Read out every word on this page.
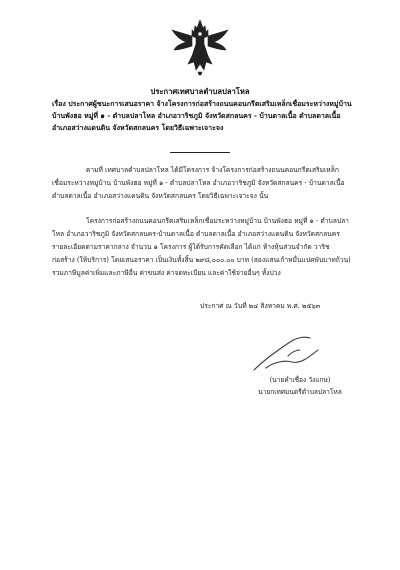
ประกาศเทศบาลตำบลปลาโหล
เรื่อง ประกาศผู้ชนะการเสนอราคา จ้างโครงการก่อสร้างถนนคอนกรีตเสริมเหล็กเชื่อมระหว่างหมู่บ้าน บ้านพังฮอ หมู่ที่ ๑ - ตำบลปลาโหล อำเภอวาริชภูมิ จังหวัดสกลนคร - บ้านดาลเนื้อ ตำบลดาลเนื้อ อำเภอสว่างแดนดิน จังหวัดสกลนคร โดยวิธีเฉพาะเจาะจง
ตามที่ เทศบาลตำบลปลาโหล ได้มีโครงการ จ้างโครงการก่อสร้างถนนคอนกรีตเสริมเหล็กเชื่อมระหว่างหมู่บ้าน บ้านพังฮอ หมู่ที่ ๑ - ตำบลปลาโหล อำเภอวาริชภูมิ จังหวัดสกลนคร - บ้านดาลเนื้อ ตำบลดาลเนื้อ อำเภอสว่างแดนดิน จังหวัดสกลนคร โดยวิธีเฉพาะเจาะจง นั้น
โครงการก่อสร้างถนนคอนกรีตเสริมเหล็กเชื่อมระหว่างหมู่บ้าน บ้านพังฮอ หมู่ที่ ๑ - ตำบลปลาโหล อำเภอวาริชภูมิ จังหวัดสกลนคร-บ้านดาลเนื้อ ตำบลดาลเนื้อ อำเภอสว่างแดนดิน จังหวัดสกลนคร รายละเอียดตามราคากลาง จำนวน ๑ โครงการ ผู้ได้รับการคัดเลือก ได้แก่ ห้างหุ้นส่วนจำกัด วาริชก่อสร้าง (ให้บริการ) โดยเสนอราคา เป็นเงินทั้งสิ้น ๒๙๘,๐๐๐.๐๐ บาท (สองแสนเก้าหมื่นแปดพันบาทถ้วน) รวมภาษีมูลค่าเพิ่มและภาษีอื่น ค่าขนส่ง ค่าจดทะเบียน และค่าใช้จ่ายอื่นๆ ทั้งปวง
ประกาศ ณ วันที่ ๒๔ สิงหาคม พ.ศ. ๒๕๖๓
(นายคำเชื่อง วังแกษ)
นายกเทศมนตรีตำบลปลาโหล
